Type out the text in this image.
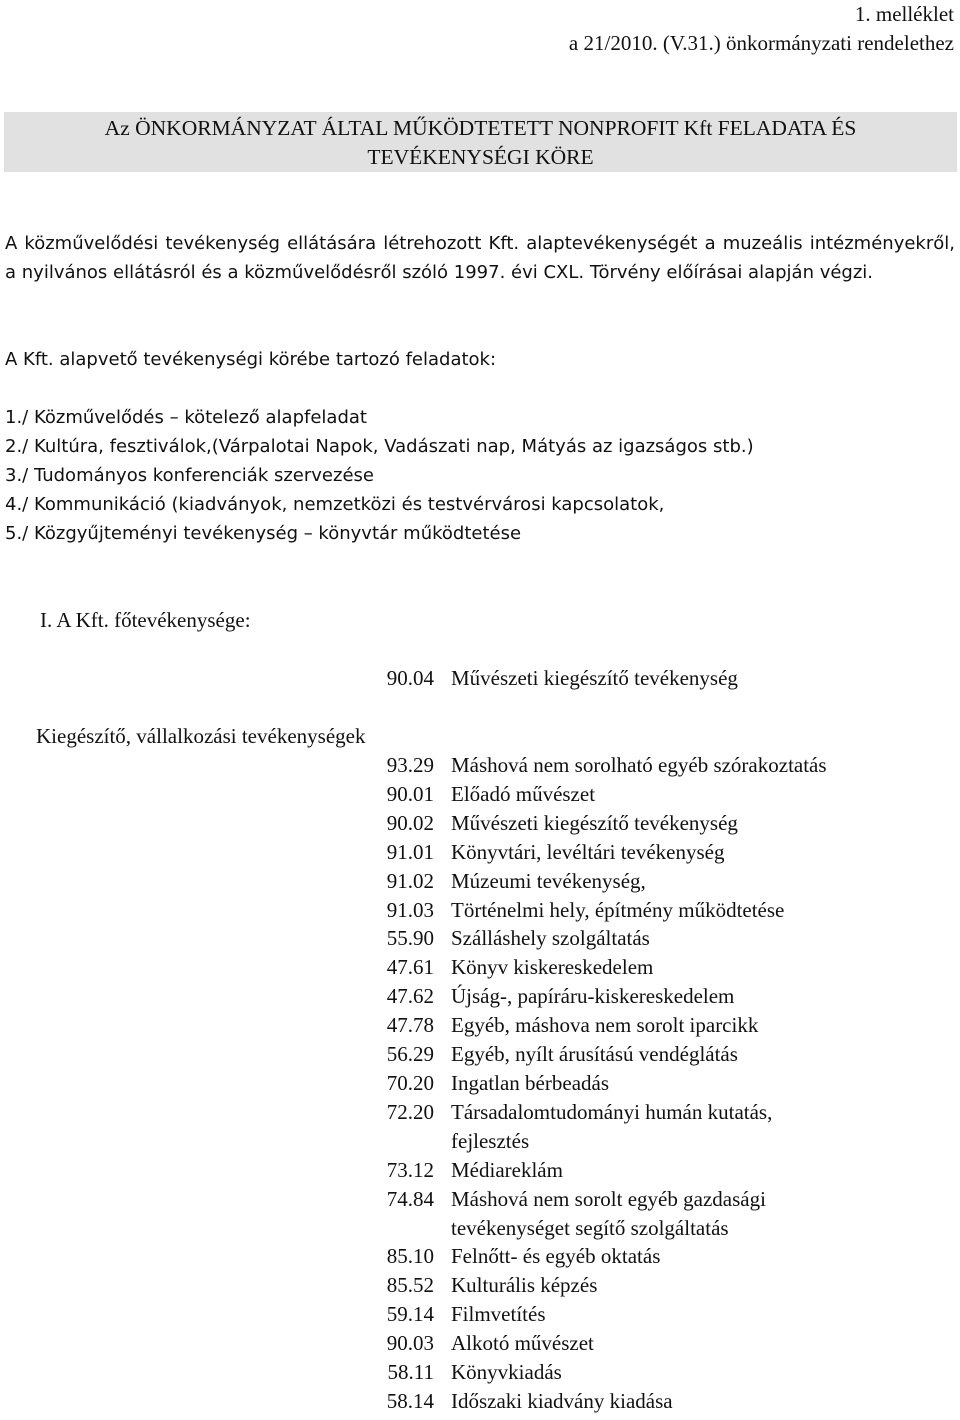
1. melléklet
a 21/2010. (V.31.) önkormányzati rendelethez
Az ÖNKORMÁNYZAT ÁLTAL MŰKÖDTETETT NONPROFIT Kft FELADATA ÉS
TEVÉKENYSÉGI KÖRE
A közművelődési tevékenység ellátására létrehozott Kft. alaptevékenységét a muzeális intézményekről, a nyilvános ellátásról és a közművelődésről szóló 1997. évi CXL. Törvény előírásai alapján végzi.
A Kft. alapvető tevékenységi körébe tartozó feladatok:
1./ Közművelődés – kötelező alapfeladat
2./ Kultúra, fesztiválok,(Várpalotai Napok, Vadászati nap, Mátyás az igazságos stb.)
3./ Tudományos konferenciák szervezése
4./ Kommunikáció (kiadványok, nemzetközi és testvérvárosi kapcsolatok,
5./ Közgyűjteményi tevékenység – könyvtár működtetése
I. A Kft. főtevékenysége:
90.04 Művészeti kiegészítő tevékenység
Kiegészítő, vállalkozási tevékenységek
93.29 Máshová nem sorolható egyéb szórakoztatás
90.01 Előadó művészet
90.02 Művészeti kiegészítő tevékenység
91.01 Könyvtári, levéltári tevékenység
91.02 Múzeumi tevékenység,
91.03 Történelmi hely, építmény működtetése
55.90 Szálláshely szolgáltatás
47.61 Könyv kiskereskedelem
47.62 Újság-, papíráru-kiskereskedelem
47.78 Egyéb, máshova nem sorolt iparcikk
56.29 Egyéb, nyílt árusítású vendéglátás
70.20 Ingatlan bérbeadás
72.20 Társadalomtudományi humán kutatás,
fejlesztés
73.12 Médiareklám
74.84 Máshová nem sorolt egyéb gazdasági
tevékenységet segítő szolgáltatás
85.10 Felnőtt- és egyéb oktatás
85.52 Kulturális képzés
59.14 Filmvetítés
90.03 Alkotó művészet
58.11 Könyvkiadás
58.14 Időszaki kiadvány kiadása
